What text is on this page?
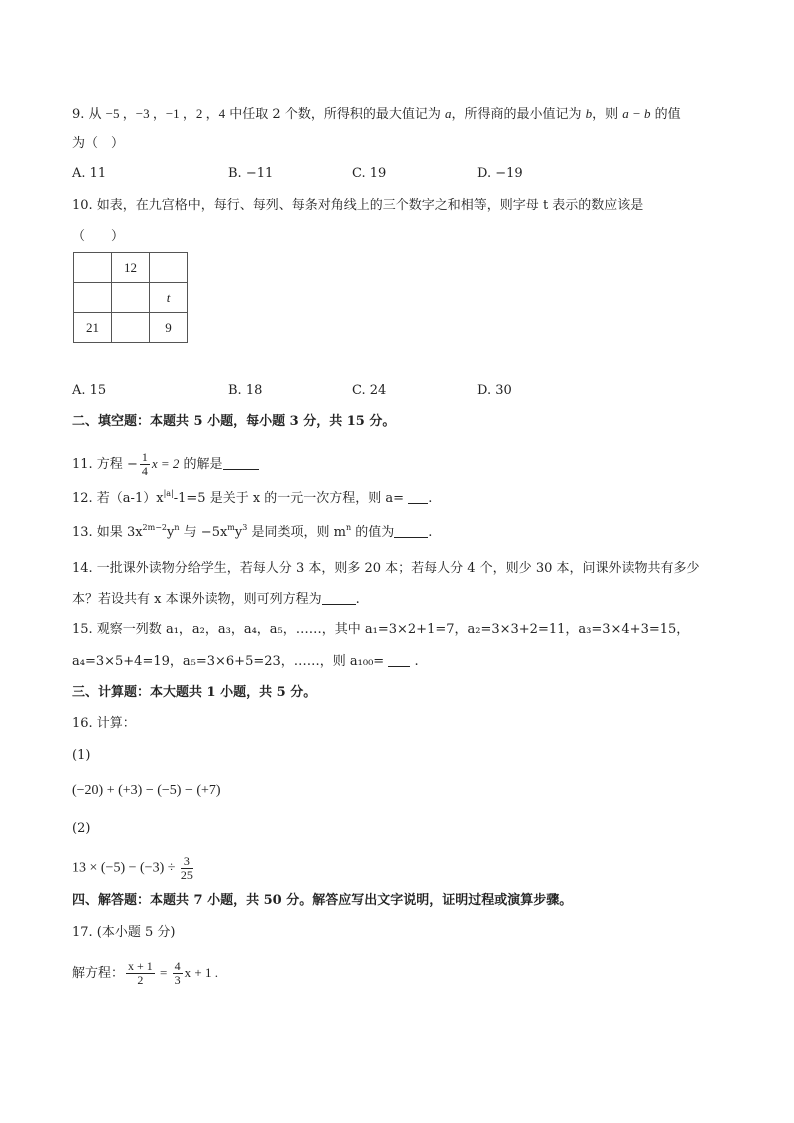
9. 从 −5 ，−3 ，−1 ，2 ，4 中任取 2 个数，所得积的最大值记为 a，所得商的最小值记为 b，则 a − b 的值
为（　）
A. 11	B. −11	C. 19	D. −19
10. 如表，在九宫格中，每行、每列、每条对角线上的三个数字之和相等，则字母 t 表示的数应该是
（　　）
	12	
		t
21		9
A. 15	B. 18	C. 24	D. 30
二、填空题：本题共 5 小题，每小题 3 分，共 15 分。
11. 方程 − $\frac{1}{4}$ x = 2 的解是
12. 若$(a-1)x^{|a|}-1=5$ 是关于 x 的一元一次方程，则 a= .
13. 如果 $3x^{2m-2}y^n$ 与 $-5x^my^3$ 是同类项，则 $m^n$ 的值为	.
14. 一批课外读物分给学生，若每人分 3 本，则多 20 本；若每人分 4 个，则少 30 本，问课外读物共有多少
本？若设共有 x 本课外读物，则可列方程为	.
15. 观察一列数 a₁，a₂，a₃，a₄，a₅，……，其中 a₁=3×2+1=7，a₂=3×3+2=11，a₃=3×4+3=15，
a₄=3×5+4=19，a₅=3×6+5=23，……，则 a₁₀₀=  .
三、计算题：本大题共 1 小题，共 5 分。
16. 计算：
(1)
(−20) + (+3) − (−5) − (+7)
(2)
$13 \times (-5) - (-3) \div \frac{3}{25}$
四、解答题：本题共 7 小题，共 50 分。解答应写出文字说明，证明过程或演算步骤。
17. (本小题 5 分)
解方程： $\frac{x + 1}{2} = \frac{4}{3}$ x + 1 .
